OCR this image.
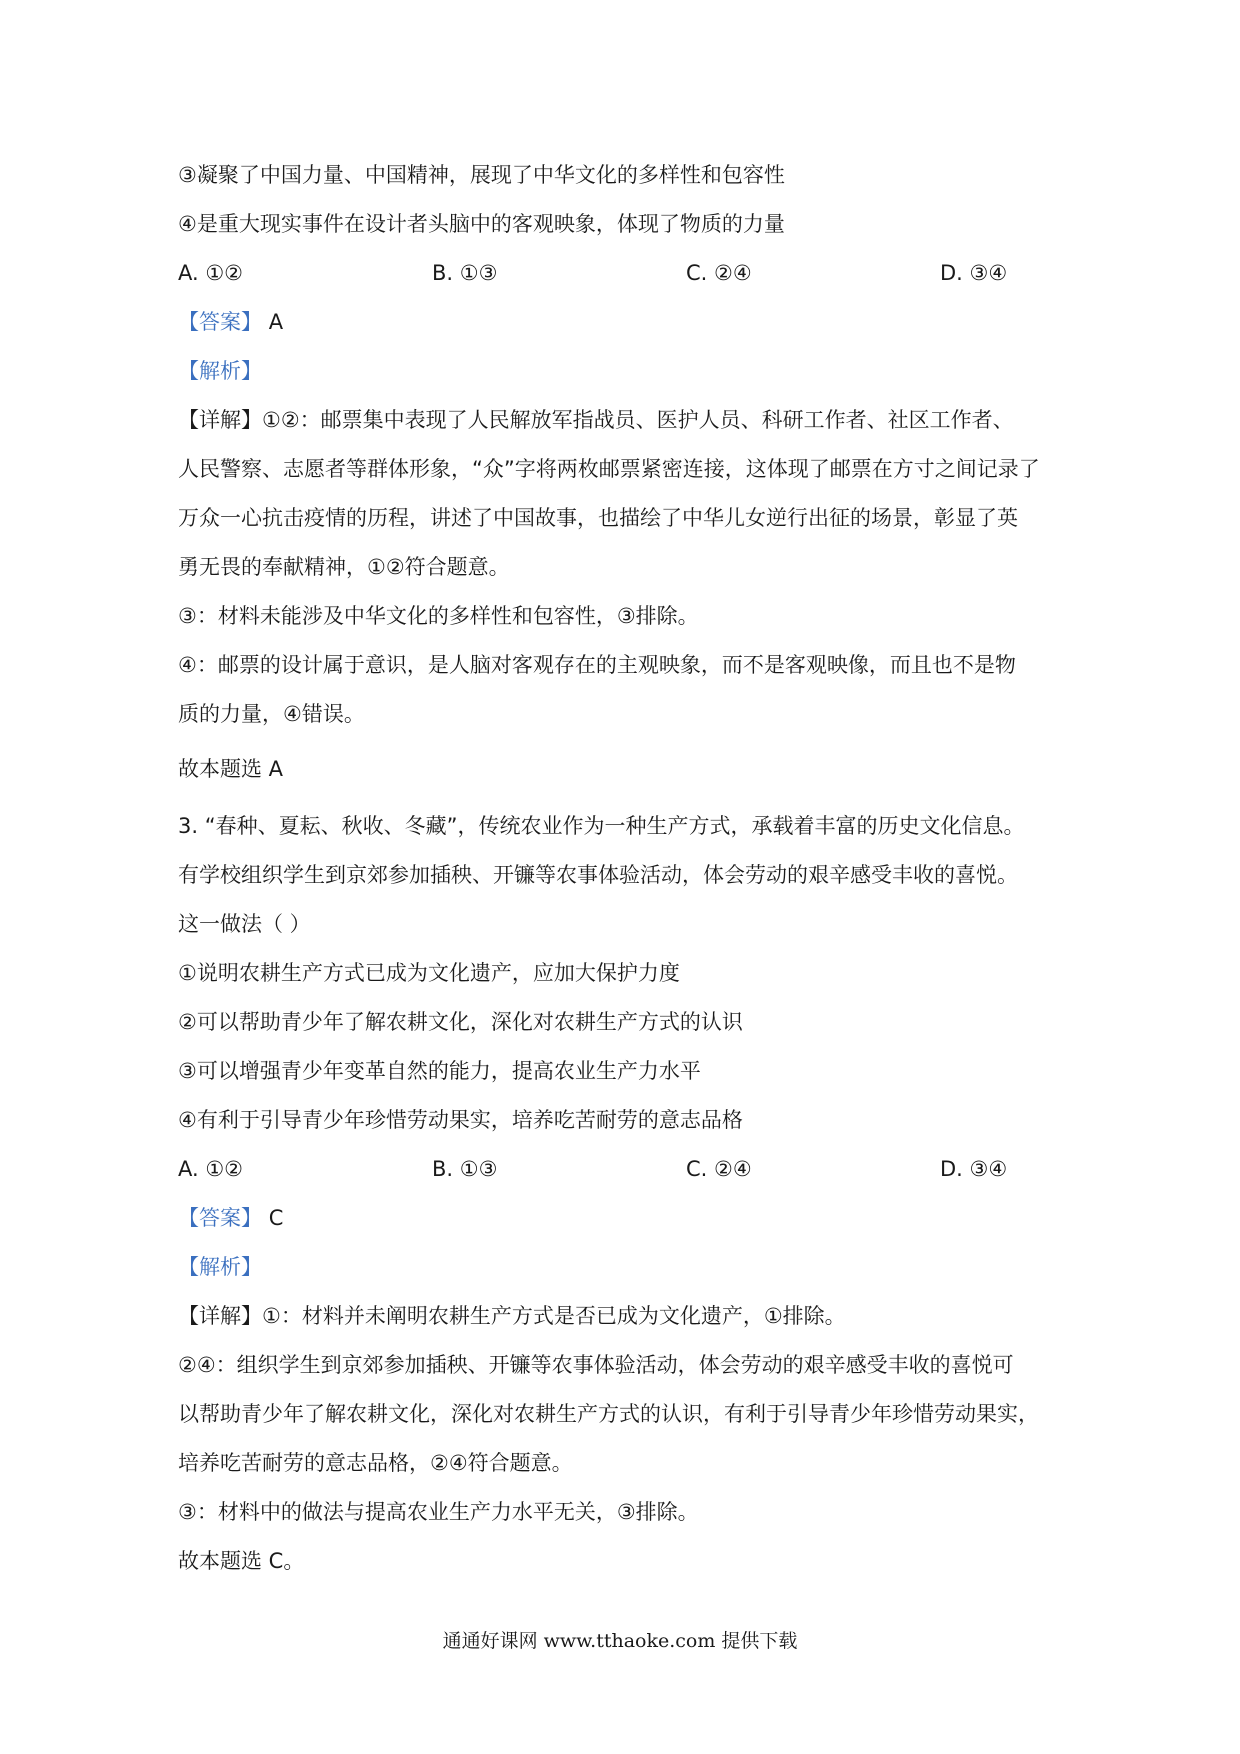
③凝聚了中国力量、中国精神，展现了中华文化的多样性和包容性

④是重大现实事件在设计者头脑中的客观映象，体现了物质的力量

A. ①②	B. ①③	C. ②④	D. ③④

【答案】 A

【解析】

【详解】①②：邮票集中表现了人民解放军指战员、医护人员、科研工作者、社区工作者、

人民警察、志愿者等群体形象，“众”字将两枚邮票紧密连接，这体现了邮票在方寸之间记录了

万众一心抗击疫情的历程，讲述了中国故事，也描绘了中华儿女逆行出征的场景，彰显了英

勇无畏的奉献精神，①②符合题意。

③：材料未能涉及中华文化的多样性和包容性，③排除。

④：邮票的设计属于意识，是人脑对客观存在的主观映象，而不是客观映像，而且也不是物

质的力量，④错误。

故本题选 A

3. “春种、夏耘、秋收、冬藏”，传统农业作为一种生产方式，承载着丰富的历史文化信息。

有学校组织学生到京郊参加插秧、开镰等农事体验活动，体会劳动的艰辛感受丰收的喜悦。

这一做法（ ）

①说明农耕生产方式已成为文化遗产，应加大保护力度

②可以帮助青少年了解农耕文化，深化对农耕生产方式的认识

③可以增强青少年变革自然的能力，提高农业生产力水平

④有利于引导青少年珍惜劳动果实，培养吃苦耐劳的意志品格

A. ①②	B. ①③	C. ②④	D. ③④

【答案】 C

【解析】

【详解】①：材料并未阐明农耕生产方式是否已成为文化遗产，①排除。

②④：组织学生到京郊参加插秧、开镰等农事体验活动，体会劳动的艰辛感受丰收的喜悦可

以帮助青少年了解农耕文化，深化对农耕生产方式的认识，有利于引导青少年珍惜劳动果实，

培养吃苦耐劳的意志品格，②④符合题意。

③：材料中的做法与提高农业生产力水平无关，③排除。

故本题选 C。

通通好课网 www.tthaoke.com 提供下载
